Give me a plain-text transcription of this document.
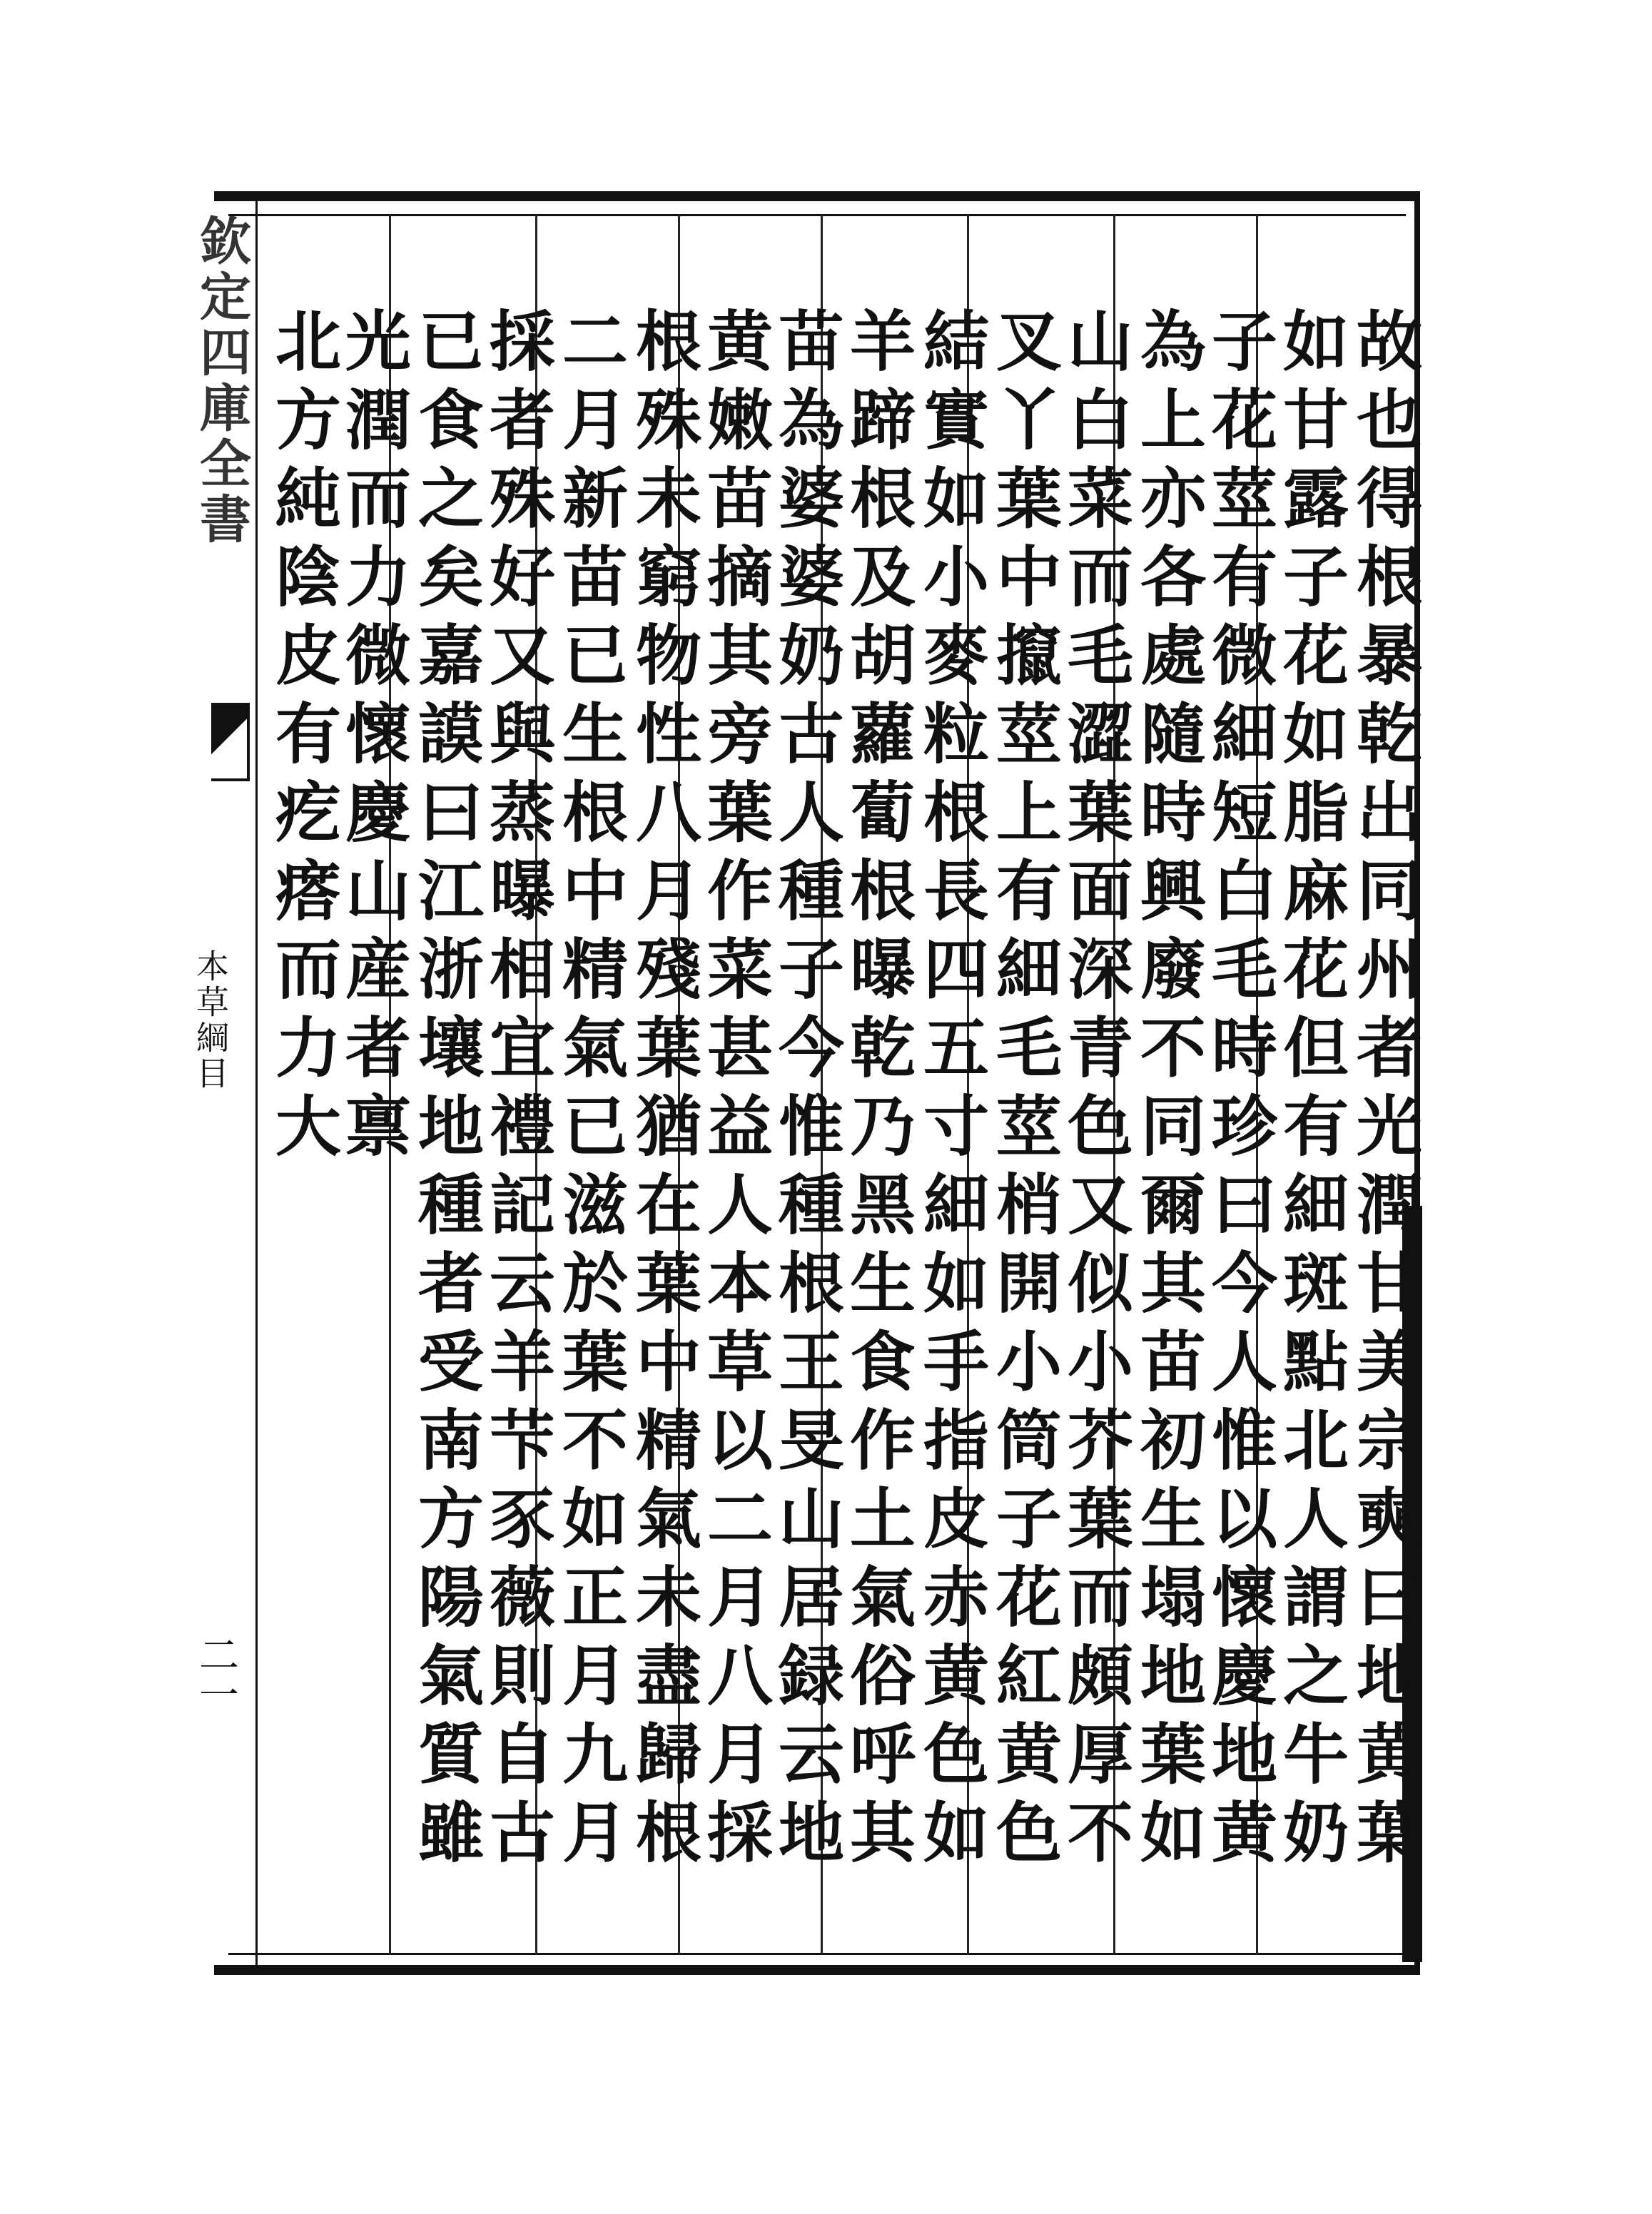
欽定四庫全書
本草綱目
二一	故也得根暴乾出同州者光潤甘美宗奭曰地黄葉
如甘露子花如脂麻花但有細斑點北人謂之牛奶
子花莖有微細短白毛時珍曰今人惟以懷慶地黄
為上亦各處隨時興廢不同爾其苗初生塌地葉如
山白菜而毛澀葉面深青色又似小芥葉而頗厚不
叉丫葉中攛莖上有細毛莖梢開小筒子花紅黄色
結實如小麥粒根長四五寸細如手指皮赤黄色如
羊蹄根及胡蘿蔔根曝乾乃黑生食作土氣俗呼其
苗為婆婆奶古人種子今惟種根王旻山居録云地
黄嫩苗摘其旁葉作菜甚益人本草以二月八月採
根殊未窮物性八月殘葉猶在葉中精氣未盡歸根
二月新苗已生根中精氣已滋於葉不如正月九月
採者殊好又與蒸曝相宜禮記云羊芐豕薇則自古
已食之矣嘉謨曰江浙壤地種者受南方陽氣質雖
光潤而力微懷慶山産者禀
北方純陰皮有疙瘩而力大
